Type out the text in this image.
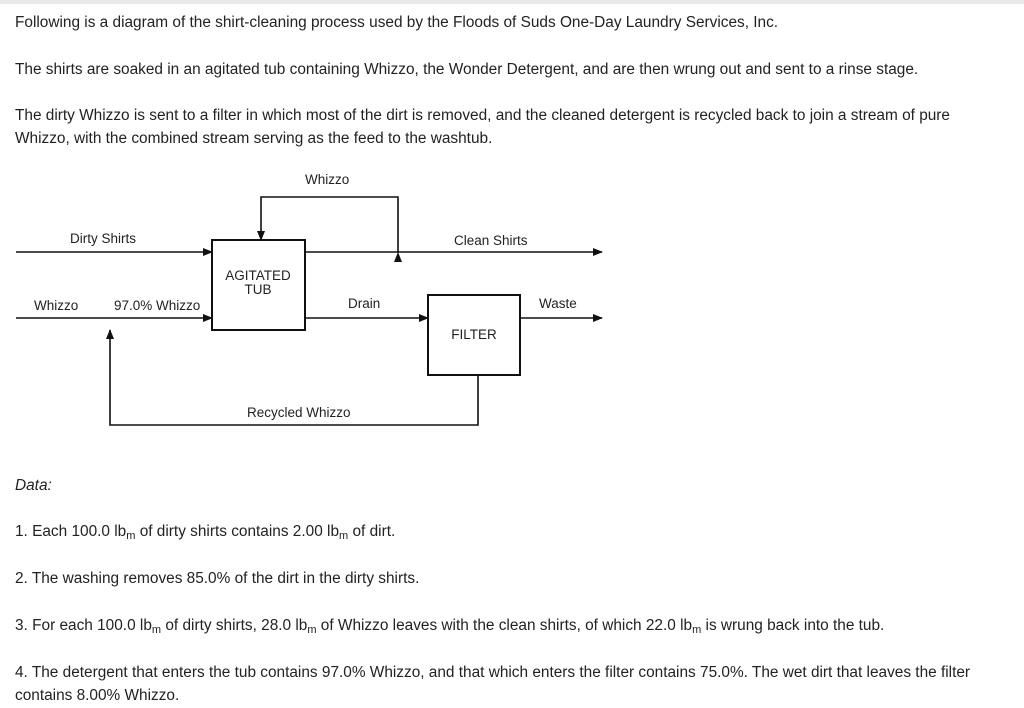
Following is a diagram of the shirt-cleaning process used by the Floods of Suds One-Day Laundry Services, Inc.

The shirts are soaked in an agitated tub containing Whizzo, the Wonder Detergent, and are then wrung out and sent to a rinse stage.

The dirty Whizzo is sent to a filter in which most of the dirt is removed, and the cleaned detergent is recycled back to join a stream of pure Whizzo, with the combined stream serving as the feed to the washtub.

Whizzo
Dirty Shirts	Clean Shirts
AGITATED
TUB
Whizzo	97.0% Whizzo	Drain	Waste
FILTER
Recycled Whizzo

Data:

1. Each 100.0 $lb_m$ of dirty shirts contains 2.00 $lb_m$ of dirt.

2. The washing removes 85.0% of the dirt in the dirty shirts.

3. For each 100.0 $lb_m$ of dirty shirts, 28.0 $lb_m$ of Whizzo leaves with the clean shirts, of which 22.0 $lb_m$ is wrung back into the tub.

4. The detergent that enters the tub contains 97.0% Whizzo, and that which enters the filter contains 75.0%. The wet dirt that leaves the filter contains 8.00% Whizzo.
